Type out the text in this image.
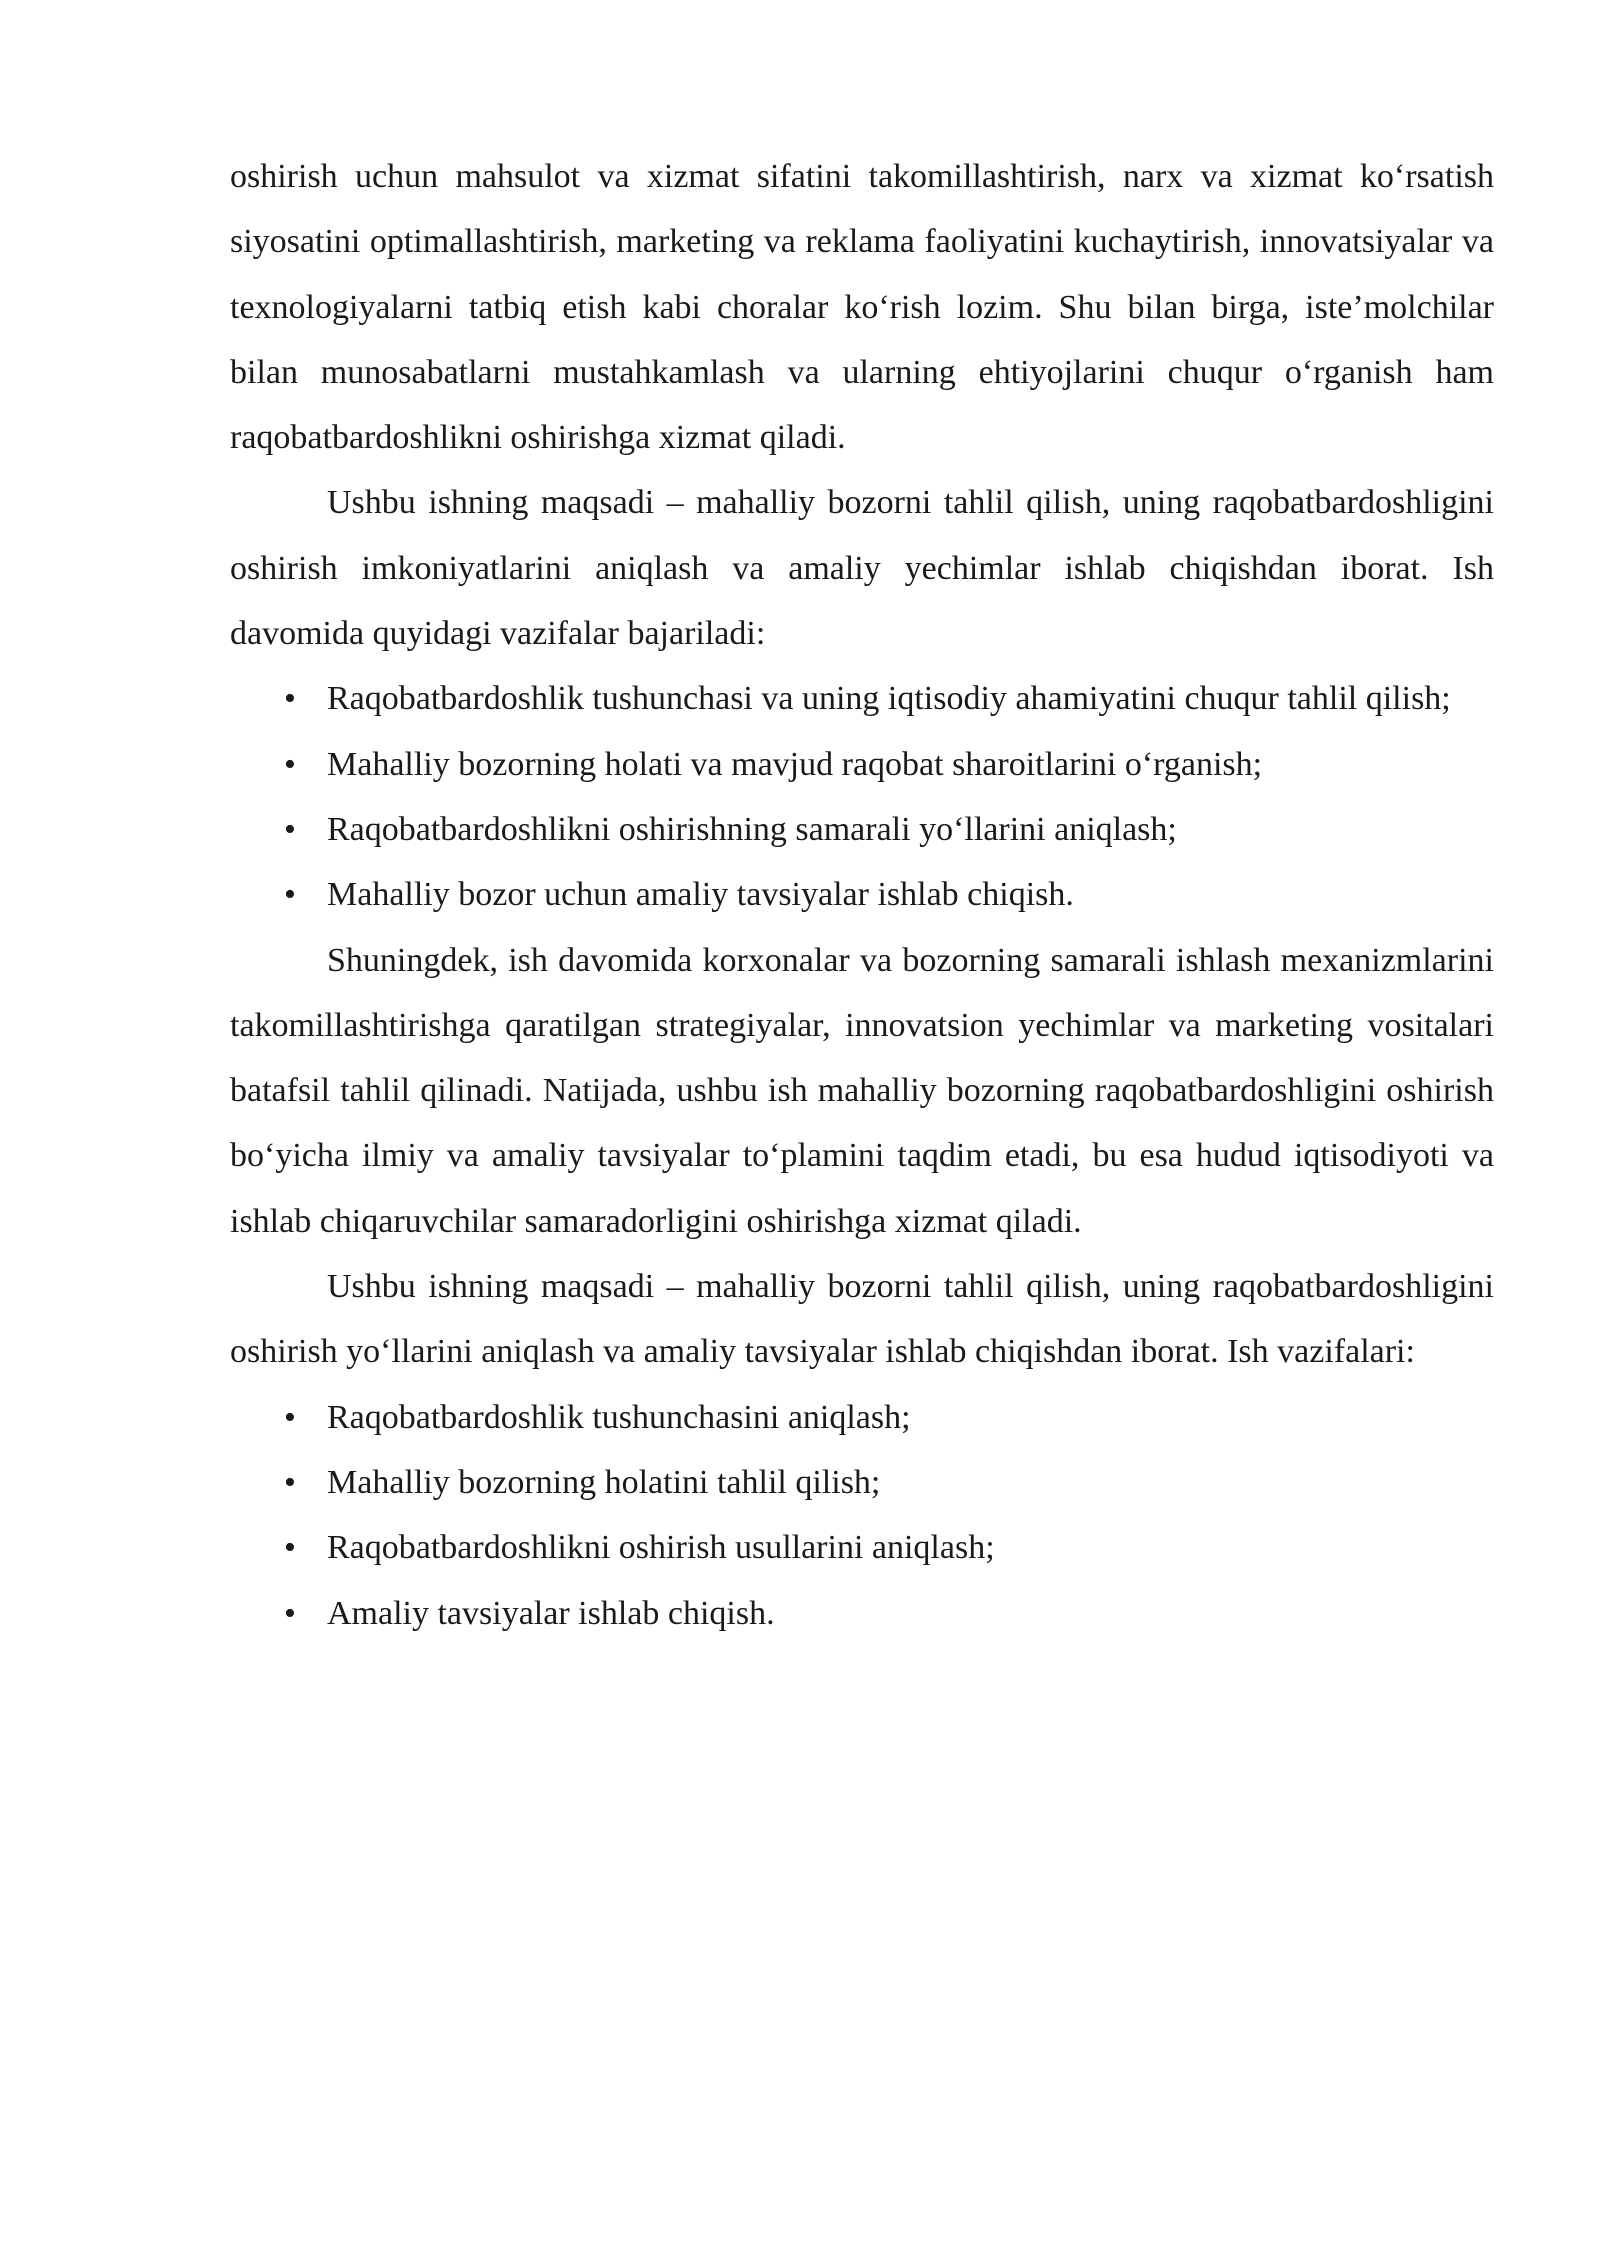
oshirish uchun mahsulot va xizmat sifatini takomillashtirish, narx va xizmat ko‘rsatish siyosatini optimallashtirish, marketing va reklama faoliyatini kuchaytirish, innovatsiyalar va texnologiyalarni tatbiq etish kabi choralar ko‘rish lozim. Shu bilan birga, iste’molchilar bilan munosabatlarni mustahkamlash va ularning ehtiyojlarini chuqur o‘rganish ham raqobatbardoshlikni oshirishga xizmat qiladi.

Ushbu ishning maqsadi – mahalliy bozorni tahlil qilish, uning raqobatbardoshligini oshirish imkoniyatlarini aniqlash va amaliy yechimlar ishlab chiqishdan iborat. Ish davomida quyidagi vazifalar bajariladi:

• Raqobatbardoshlik tushunchasi va uning iqtisodiy ahamiyatini chuqur tahlil qilish;
• Mahalliy bozorning holati va mavjud raqobat sharoitlarini o‘rganish;
• Raqobatbardoshlikni oshirishning samarali yo‘llarini aniqlash;
• Mahalliy bozor uchun amaliy tavsiyalar ishlab chiqish.

Shuningdek, ish davomida korxonalar va bozorning samarali ishlash mexanizmlarini takomillashtirishga qaratilgan strategiyalar, innovatsion yechimlar va marketing vositalari batafsil tahlil qilinadi. Natijada, ushbu ish mahalliy bozorning raqobatbardoshligini oshirish bo‘yicha ilmiy va amaliy tavsiyalar to‘plamini taqdim etadi, bu esa hudud iqtisodiyoti va ishlab chiqaruvchilar samaradorligini oshirishga xizmat qiladi.

Ushbu ishning maqsadi – mahalliy bozorni tahlil qilish, uning raqobatbardoshligini oshirish yo‘llarini aniqlash va amaliy tavsiyalar ishlab chiqishdan iborat. Ish vazifalari:

• Raqobatbardoshlik tushunchasini aniqlash;
• Mahalliy bozorning holatini tahlil qilish;
• Raqobatbardoshlikni oshirish usullarini aniqlash;
• Amaliy tavsiyalar ishlab chiqish.
